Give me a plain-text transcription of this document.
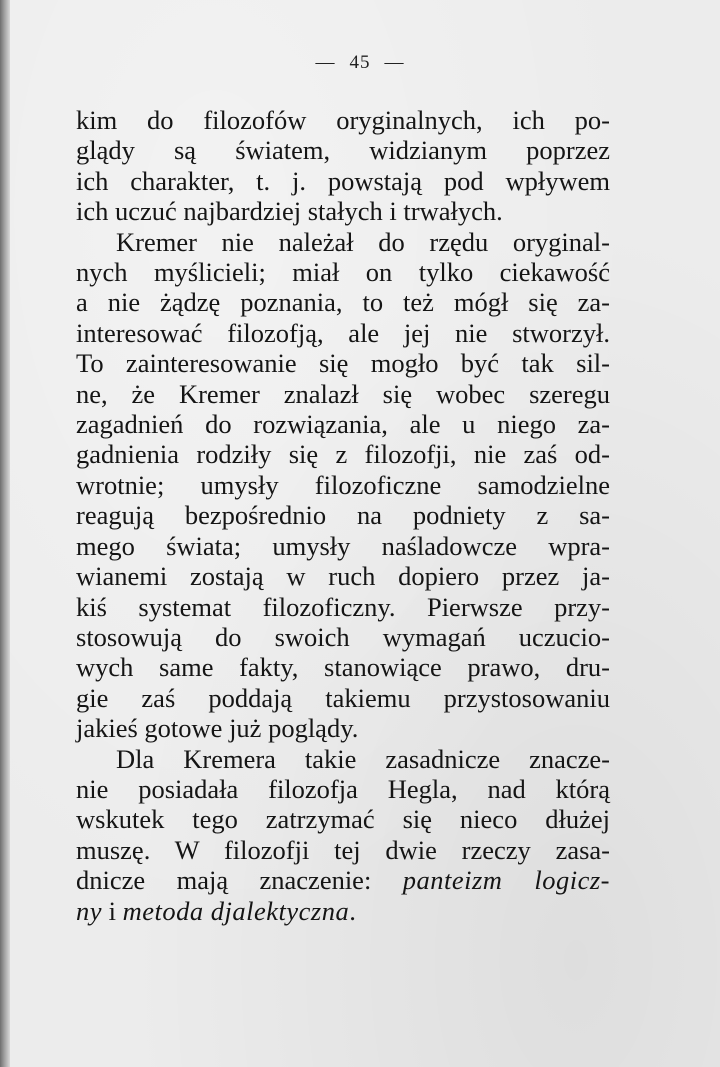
— 45 —

kim do filozofów oryginalnych, ich po-
glądy są światem, widzianym poprzez
ich charakter, t. j. powstają pod wpływem
ich uczuć najbardziej stałych i trwałych.

Kremer nie należał do rzędu oryginal-
nych myślicieli; miał on tylko ciekawość
a nie żądzę poznania, to też mógł się za-
interesować filozofją, ale jej nie stworzył.
To zainteresowanie się mogło być tak sil-
ne, że Kremer znalazł się wobec szeregu
zagadnień do rozwiązania, ale u niego za-
gadnienia rodziły się z filozofji, nie zaś od-
wrotnie; umysły filozoficzne samodzielne
reagują bezpośrednio na podniety z sa-
mego świata; umysły naśladowcze wpra-
wianemi zostają w ruch dopiero przez ja-
kiś systemat filozoficzny. Pierwsze przy-
stosowują do swoich wymagań uczucio-
wych same fakty, stanowiące prawo, dru-
gie zaś poddają takiemu przystosowaniu
jakieś gotowe już poglądy.

Dla Kremera takie zasadnicze znacze-
nie posiadała filozofja Hegla, nad którą
wskutek tego zatrzymać się nieco dłużej
muszę. W filozofji tej dwie rzeczy zasa-
dnicze mają znaczenie: panteizm logicz-
ny i metoda djalektyczna.
